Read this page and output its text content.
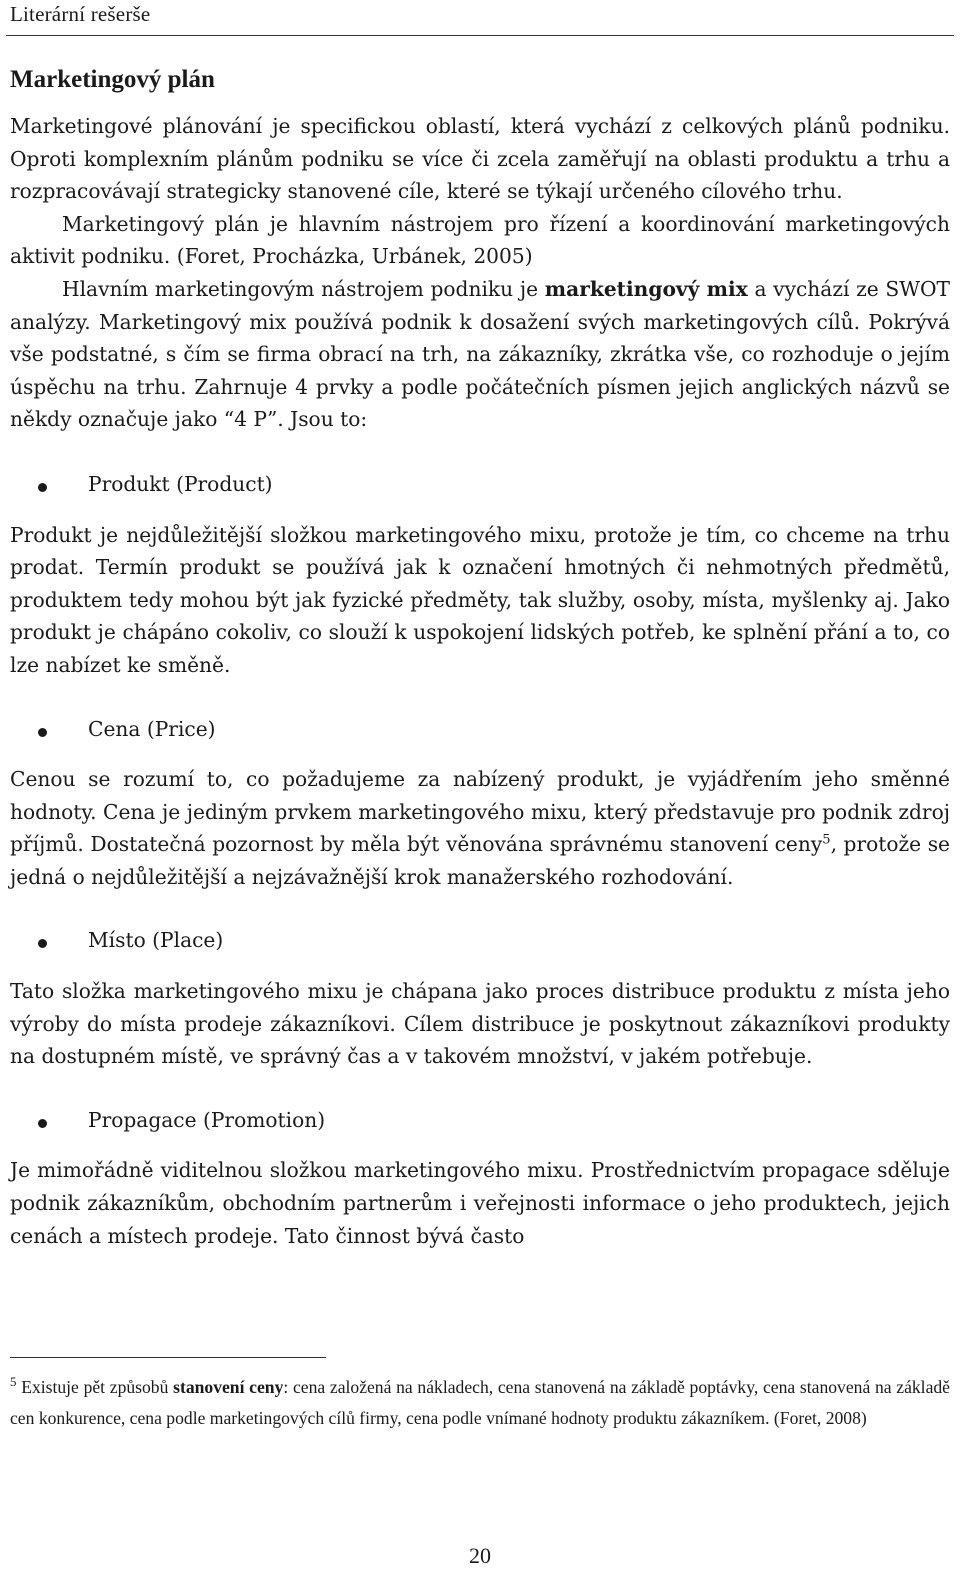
Literární rešerše
Marketingový plán

Marketingové plánování je specifickou oblastí, která vychází z celkových plánů podniku. Oproti komplexním plánům podniku se více či zcela zaměřují na oblasti produktu a trhu a rozpracovávají strategicky stanovené cíle, které se týkají určeného cílového trhu.

Marketingový plán je hlavním nástrojem pro řízení a koordinování marketingových aktivit podniku. (Foret, Procházka, Urbánek, 2005)

Hlavním marketingovým nástrojem podniku je marketingový mix a vychází ze SWOT analýzy. Marketingový mix používá podnik k dosažení svých marketingových cílů. Pokrývá vše podstatné, s čím se firma obrací na trh, na zákazníky, zkrátka vše, co rozhoduje o jejím úspěchu na trhu. Zahrnuje 4 prvky a podle počátečních písmen jejich anglických názvů se někdy označuje jako “4 P”. Jsou to:

Produkt (Product)

Produkt je nejdůležitější složkou marketingového mixu, protože je tím, co chceme na trhu prodat. Termín produkt se používá jak k označení hmotných či nehmotných předmětů, produktem tedy mohou být jak fyzické předměty, tak služby, osoby, místa, myšlenky aj. Jako produkt je chápáno cokoliv, co slouží k uspokojení lidských potřeb, ke splnění přání a to, co lze nabízet ke směně.

Cena (Price)

Cenou se rozumí to, co požadujeme za nabízený produkt, je vyjádřením jeho směnné hodnoty. Cena je jediným prvkem marketingového mixu, který představuje pro podnik zdroj příjmů. Dostatečná pozornost by měla být věnována správnému stanovení ceny$^5$, protože se jedná o nejdůležitější a nejzávažnější krok manažerského rozhodování.

Místo (Place)

Tato složka marketingového mixu je chápana jako proces distribuce produktu z místa jeho výroby do místa prodeje zákazníkovi. Cílem distribuce je poskytnout zákazníkovi produkty na dostupném místě, ve správný čas a v takovém množství, v jakém potřebuje.

Propagace (Promotion)

Je mimořádně viditelnou složkou marketingového mixu. Prostřednictvím propagace sděluje podnik zákazníkům, obchodním partnerům i veřejnosti informace o jeho produktech, jejich cenách a místech prodeje. Tato činnost bývá často

$^5$ Existuje pět způsobů stanovení ceny: cena založená na nákladech, cena stanovená na základě poptávky, cena stanovená na základě cen konkurence, cena podle marketingových cílů firmy, cena podle vnímané hodnoty produktu zákazníkem. (Foret, 2008)
20
